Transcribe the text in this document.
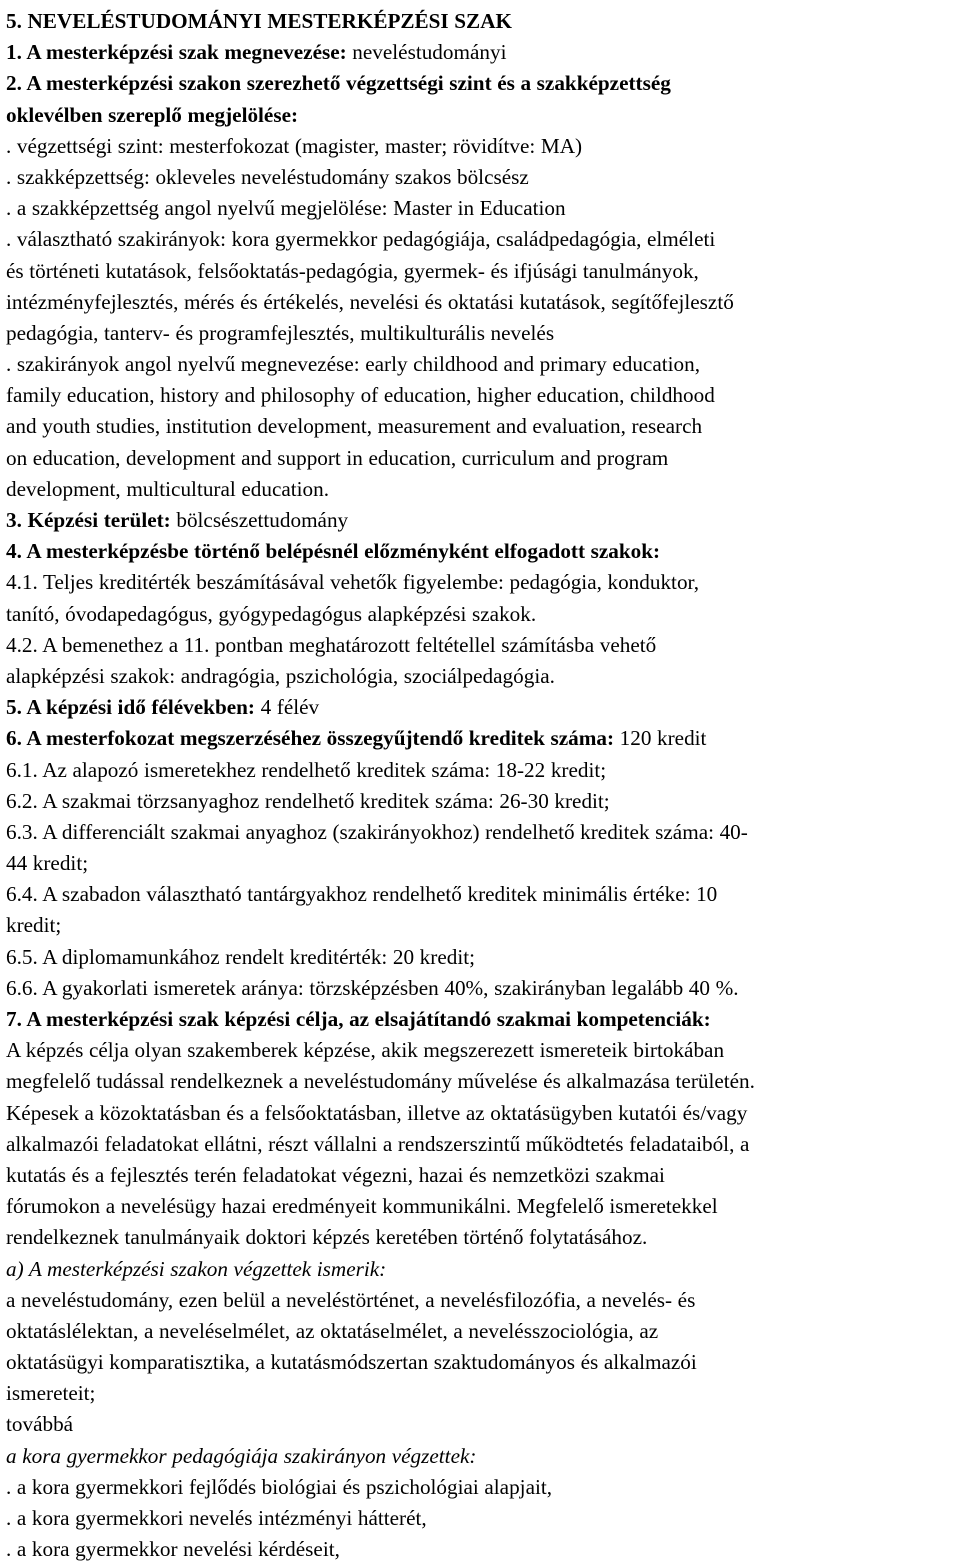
5. NEVELÉSTUDOMÁNYI MESTERKÉPZÉSI SZAK
1. A mesterképzési szak megnevezése: neveléstudományi
2. A mesterképzési szakon szerezhető végzettségi szint és a szakképzettség
oklevélben szereplő megjelölése:
. végzettségi szint: mesterfokozat (magister, master; rövidítve: MA)
. szakképzettség: okleveles neveléstudomány szakos bölcsész
. a szakképzettség angol nyelvű megjelölése: Master in Education
. választható szakirányok: kora gyermekkor pedagógiája, családpedagógia, elméleti
és történeti kutatások, felsőoktatás-pedagógia, gyermek- és ifjúsági tanulmányok,
intézményfejlesztés, mérés és értékelés, nevelési és oktatási kutatások, segítőfejlesztő
pedagógia, tanterv- és programfejlesztés, multikulturális nevelés
. szakirányok angol nyelvű megnevezése: early childhood and primary education,
family education, history and philosophy of education, higher education, childhood
and youth studies, institution development, measurement and evaluation, research
on education, development and support in education, curriculum and program
development, multicultural education.
3. Képzési terület: bölcsészettudomány
4. A mesterképzésbe történő belépésnél előzményként elfogadott szakok:
4.1. Teljes kreditérték beszámításával vehetők figyelembe: pedagógia, konduktor,
tanító, óvodapedagógus, gyógypedagógus alapképzési szakok.
4.2. A bemenethez a 11. pontban meghatározott feltétellel számításba vehető
alapképzési szakok: andragógia, pszichológia, szociálpedagógia.
5. A képzési idő félévekben: 4 félév
6. A mesterfokozat megszerzéséhez összegyűjtendő kreditek száma: 120 kredit
6.1. Az alapozó ismeretekhez rendelhető kreditek száma: 18-22 kredit;
6.2. A szakmai törzsanyaghoz rendelhető kreditek száma: 26-30 kredit;
6.3. A differenciált szakmai anyaghoz (szakirányokhoz) rendelhető kreditek száma: 40-
44 kredit;
6.4. A szabadon választható tantárgyakhoz rendelhető kreditek minimális értéke: 10
kredit;
6.5. A diplomamunkához rendelt kreditérték: 20 kredit;
6.6. A gyakorlati ismeretek aránya: törzsképzésben 40%, szakirányban legalább 40 %.
7. A mesterképzési szak képzési célja, az elsajátítandó szakmai kompetenciák:
A képzés célja olyan szakemberek képzése, akik megszerezett ismereteik birtokában
megfelelő tudással rendelkeznek a neveléstudomány művelése és alkalmazása területén.
Képesek a közoktatásban és a felsőoktatásban, illetve az oktatásügyben kutatói és/vagy
alkalmazói feladatokat ellátni, részt vállalni a rendszerszintű működtetés feladataiból, a
kutatás és a fejlesztés terén feladatokat végezni, hazai és nemzetközi szakmai
fórumokon a nevelésügy hazai eredményeit kommunikálni. Megfelelő ismeretekkel
rendelkeznek tanulmányaik doktori képzés keretében történő folytatásához.
a) A mesterképzési szakon végzettek ismerik:
a neveléstudomány, ezen belül a neveléstörténet, a nevelésfilozófia, a nevelés- és
oktatáslélektan, a neveléselmélet, az oktatáselmélet, a nevelésszociológia, az
oktatásügyi komparatisztika, a kutatásmódszertan szaktudományos és alkalmazói
ismereteit;
továbbá
a kora gyermekkor pedagógiája szakirányon végzettek:
. a kora gyermekkori fejlődés biológiai és pszichológiai alapjait,
. a kora gyermekkori nevelés intézményi hátterét,
. a kora gyermekkor nevelési kérdéseit,
